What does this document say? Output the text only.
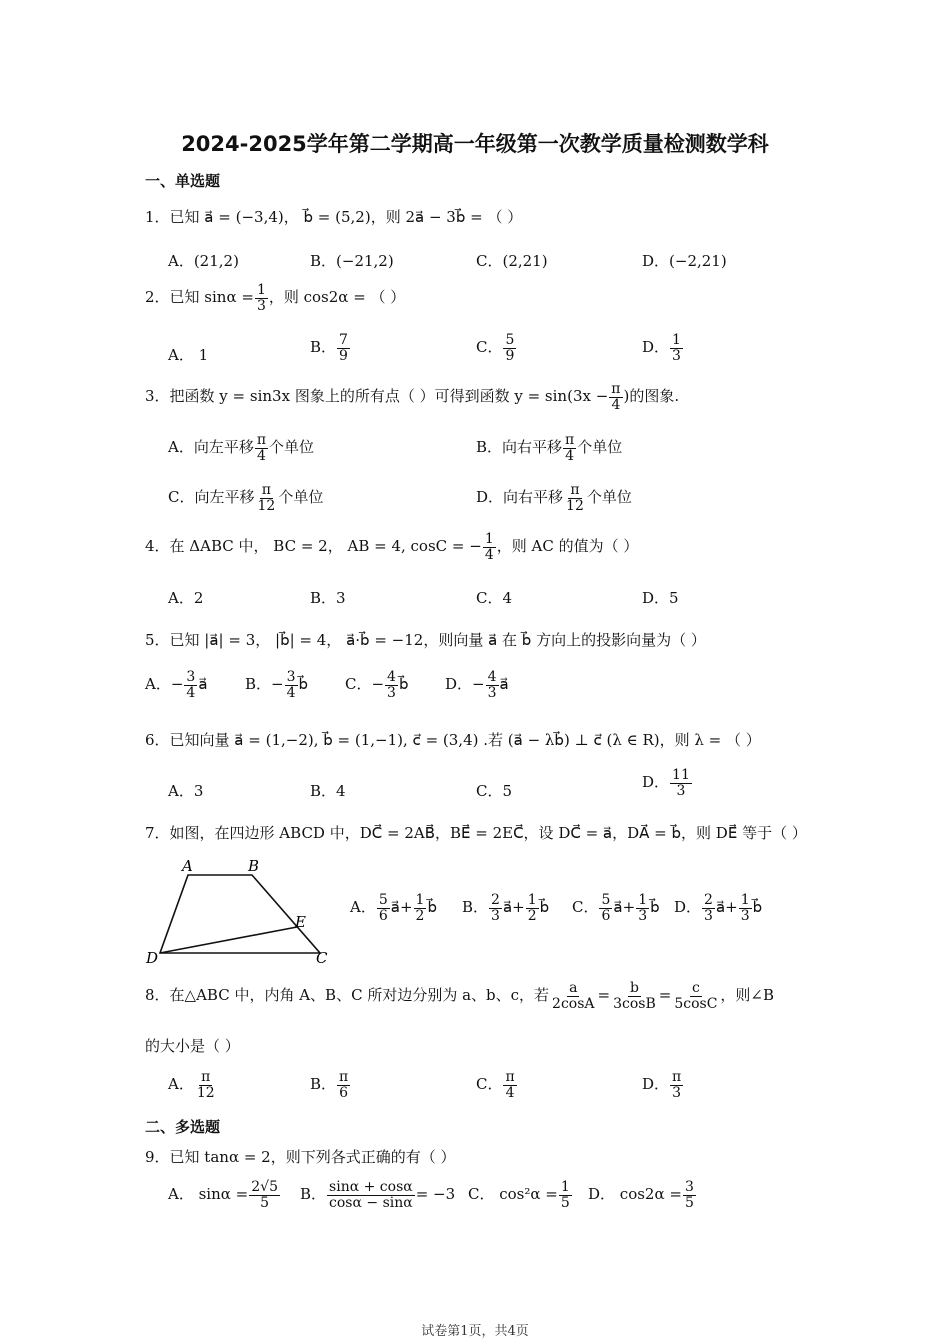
2024-2025学年第二学期高一年级第一次教学质量检测数学科
一、单选题
1．已知 a⃗ = (−3,4)， b⃗ = (5,2)，则 2a⃗ − 3b⃗ = （ ）
A．(21,2)	B．(−21,2)	C．(2,21)	D．(−2,21)
2．已知 $\sin\alpha = \frac{1}{3}$ ，则 cos2α = （ ）
A． 1	B． $\frac{7}{9}$	C． $\frac{5}{9}$	D． $\frac{1}{3}$
3．把函数 y = sin3x 图象上的所有点（ ）可得到函数 $y = \sin(3x - \frac{\pi}{4}$ )的图象.
A．向左平移 $\frac{\pi}{4}$ 个单位	B．向右平移 $\frac{\pi}{4}$ 个单位
C．向左平移 $\frac{\pi}{12}$ 个单位	D．向右平移 $\frac{\pi}{12}$ 个单位
4．在 ΔABC 中， BC = 2， AB = 4, cosC = − $\frac{1}{4}$ ，则 AC 的值为（ ）
A．2	B．3	C．4	D．5
5．已知 |a⃗| = 3， |b⃗| = 4， a⃗·b⃗ = −12，则向量 a⃗ 在 b⃗ 方向上的投影向量为（ ）
A．− $\frac{3}{4}$ a⃗ B．− $\frac{3}{4}$ b⃗ C．− $\frac{4}{3}$ b⃗ D．− $\frac{4}{3}$ a⃗
6．已知向量 a⃗ = (1,−2), b⃗ = (1,−1), c⃗ = (3,4) .若 (a⃗ − λb⃗) ⊥ c⃗ (λ ∈ R)，则 λ = （ ）
A．3	B．4	C．5	D． $\frac{11}{3}$
7．如图，在四边形 ABCD 中，DC⃗ = 2AB⃗，BE⃗ = 2EC⃗，设 DC⃗ = a⃗，DA⃗ = b⃗，则 DE⃗ 等于（ ）
A	B
E
D	C
A． $\frac{5}{6}$ a⃗+ $\frac{1}{2}$ b⃗ B． $\frac{2}{3}$ a⃗+ $\frac{1}{2}$ b⃗ C． $\frac{5}{6}$ a⃗+ $\frac{1}{3}$ b⃗ D． $\frac{2}{3}$ a⃗+ $\frac{1}{3}$ b⃗
8．在△ABC 中，内角 A、B、C 所对边分别为 a、b、c，若 $\frac{a}{2\cos A} = \frac{b}{3\cos B} = \frac{c}{5\cos C}$ ，则∠B
的大小是（ ）
A． $\frac{\pi}{12}$	B． $\frac{\pi}{6}$	C． $\frac{\pi}{4}$	D． $\frac{\pi}{3}$
二、多选题
9．已知 tanα = 2，则下列各式正确的有（ ）
A． $\sin\alpha = \frac{2√5}{5}$ B． $\frac{\sin\alpha + \cos\alpha}{\cos\alpha - \sin\alpha} = -3$ C． $\cos^2\alpha = \frac{1}{5}$ D． $\cos 2\alpha = \frac{3}{5}$
试卷第1页，共4页
